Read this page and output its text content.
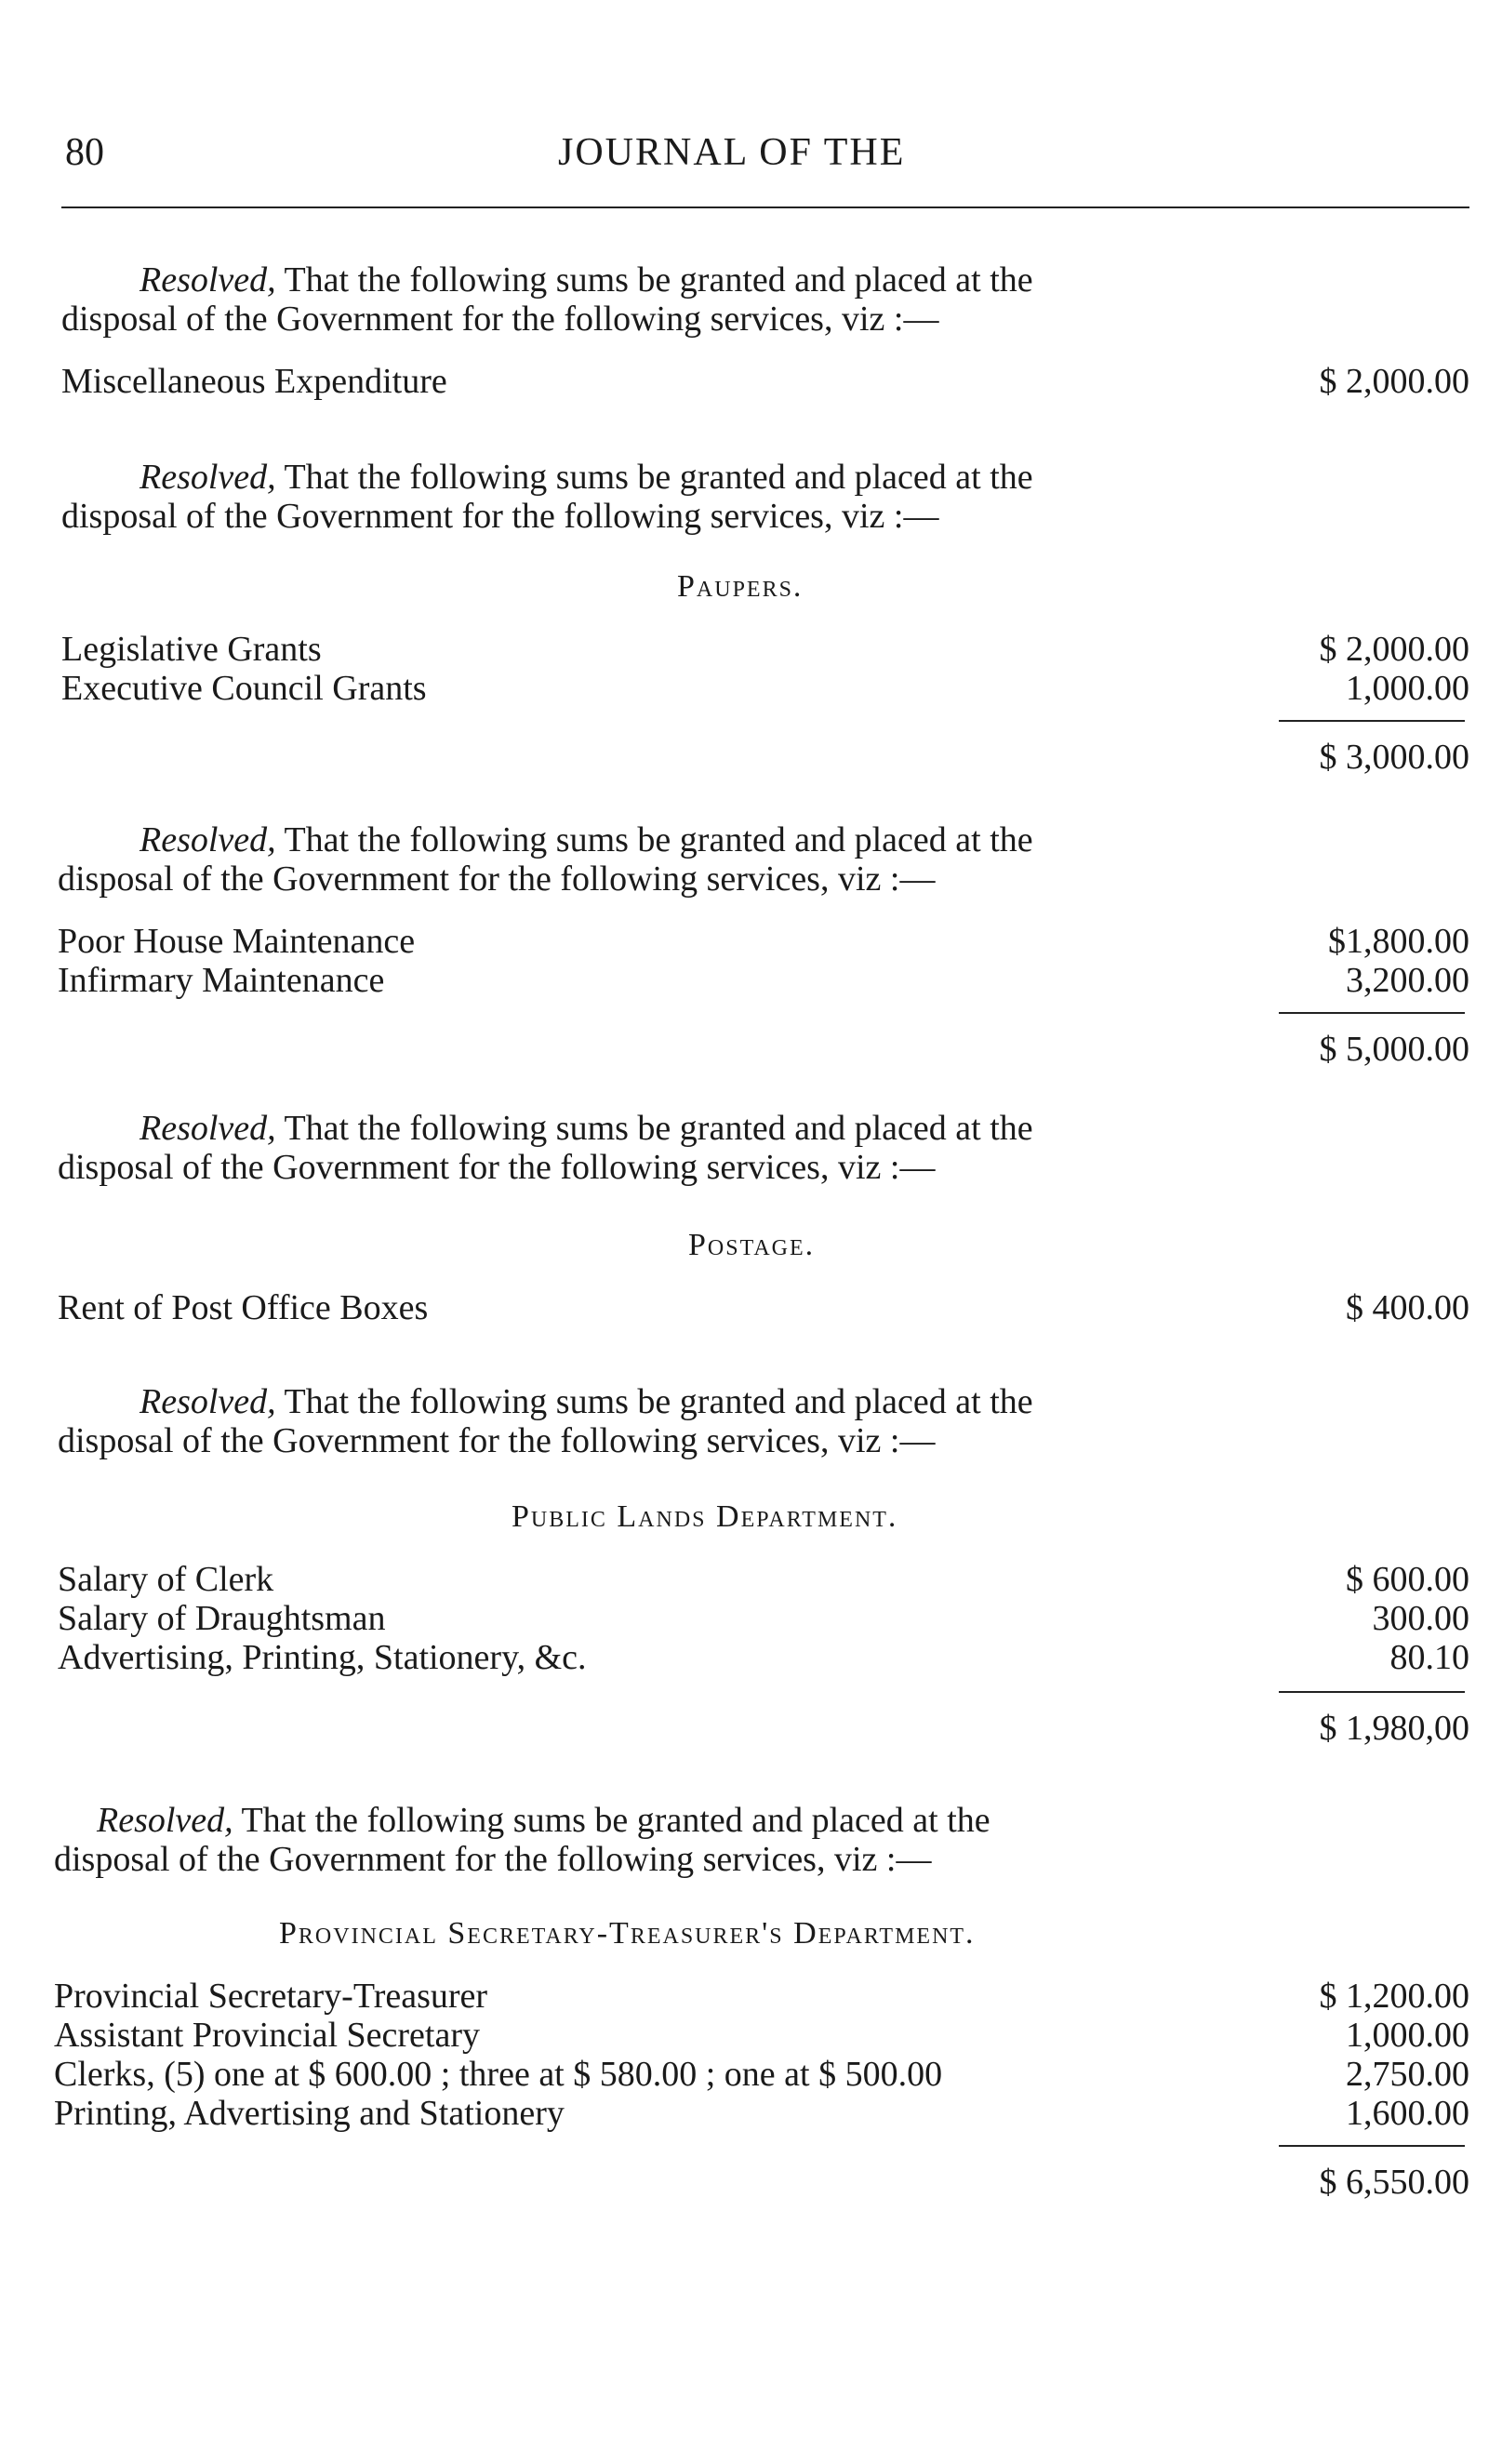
80	JOURNAL OF THE
Resolved, That the following sums be granted and placed at the
disposal of the Government for the following services, viz :—
Miscellaneous Expenditure	$ 2,000.00
Resolved, That the following sums be granted and placed at the
disposal of the Government for the following services, viz :—
Paupers.
Legislative Grants	$ 2,000.00
Executive Council Grants	1,000.00
$ 3,000.00
Resolved, That the following sums be granted and placed at the
disposal of the Government for the following services, viz :—
Poor House Maintenance	$1,800.00
Infirmary Maintenance	3,200.00
$ 5,000.00
Resolved, That the following sums be granted and placed at the
disposal of the Government for the following services, viz :—
Postage.
Rent of Post Office Boxes	$ 400.00
Resolved, That the following sums be granted and placed at the
disposal of the Government for the following services, viz :—
Public Lands Department.
Salary of Clerk	$ 600.00
Salary of Draughtsman	300.00
Advertising, Printing, Stationery, &c.	80.10
$ 1,980,00
Resolved, That the following sums be granted and placed at the
disposal of the Government for the following services, viz :—
Provincial Secretary-Treasurer's Department.
Provincial Secretary-Treasurer	$ 1,200.00
Assistant Provincial Secretary	1,000.00
Clerks, (5) one at $ 600.00 ; three at $ 580.00 ; one at $ 500.00	2,750.00
Printing, Advertising and Stationery	1,600.00
$ 6,550.00
